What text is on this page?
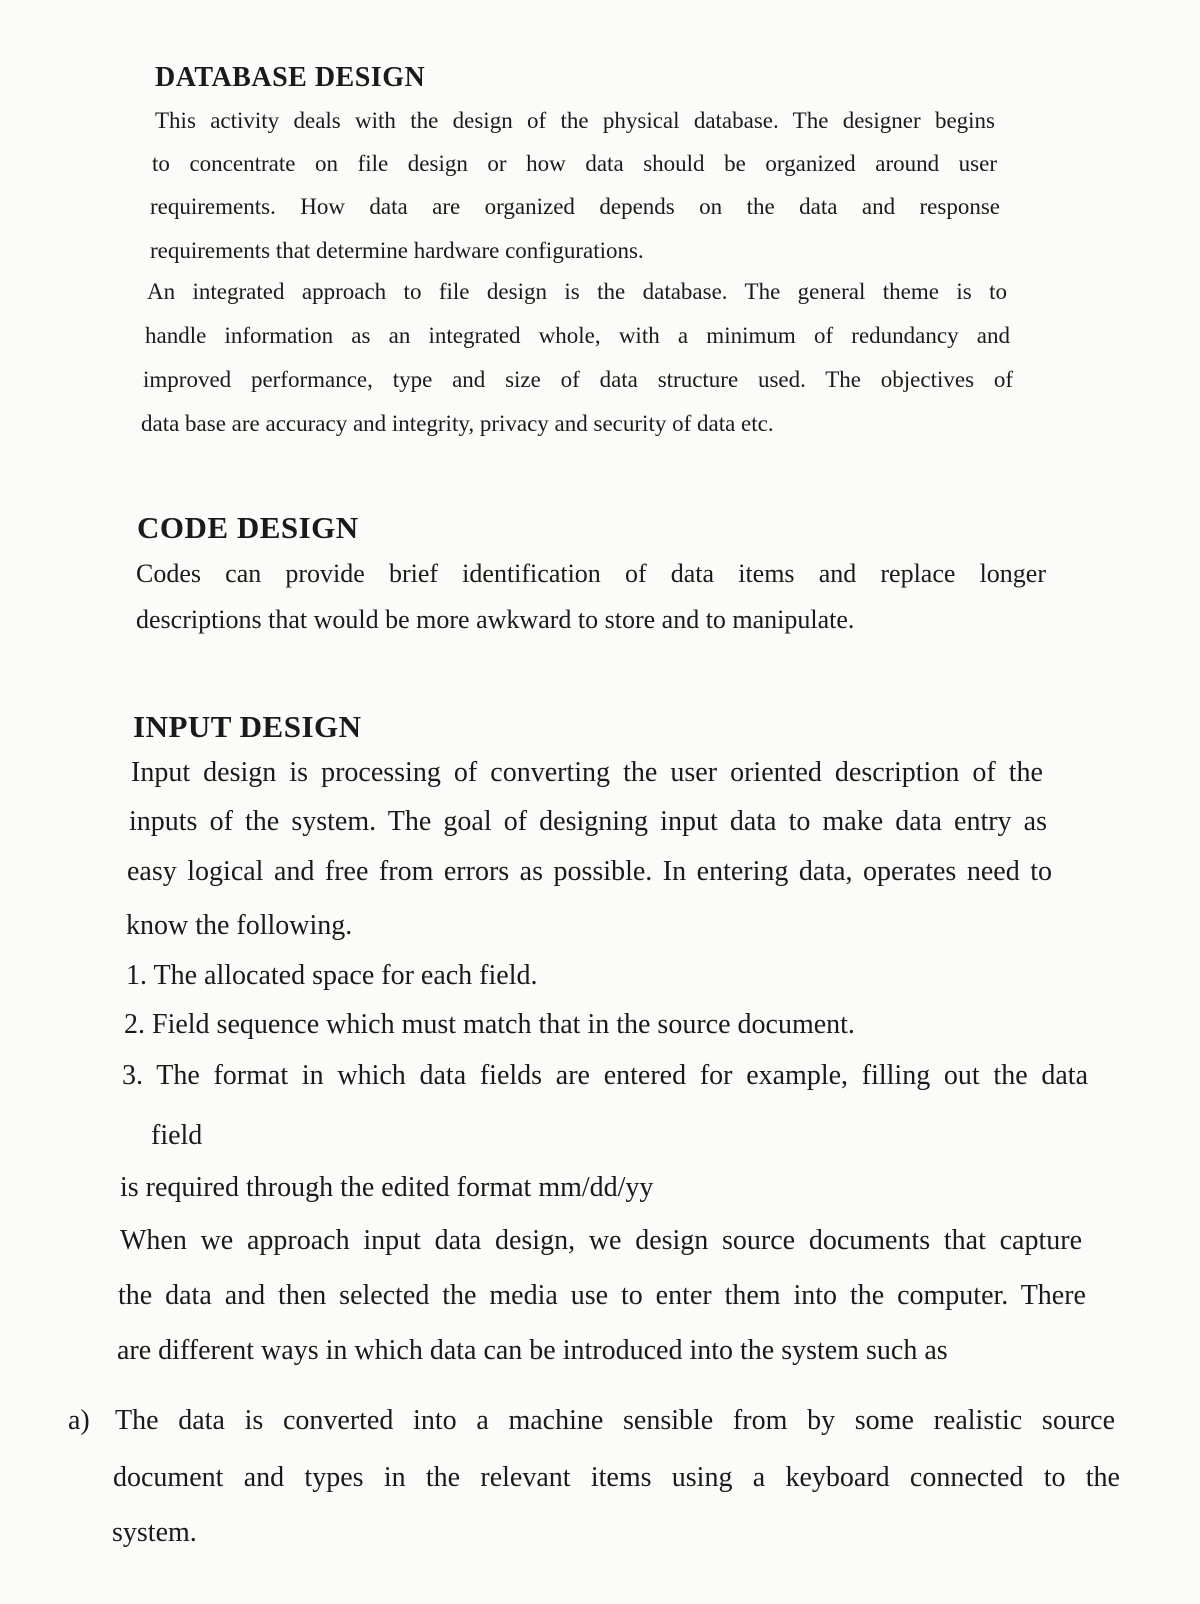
DATABASE DESIGN

This activity deals with the design of the physical database. The designer begins

to concentrate on file design or how data should be organized around user

requirements. How data are organized depends on the data and response

requirements that determine hardware configurations.

An integrated approach to file design is the database. The general theme is to

handle information as an integrated whole, with a minimum of redundancy and

improved performance, type and size of data structure used. The objectives of

data base are accuracy and integrity, privacy and security of data etc.

CODE DESIGN

Codes can provide brief identification of data items and replace longer

descriptions that would be more awkward to store and to manipulate.

INPUT DESIGN

Input design is processing of converting the user oriented description of the

inputs of the system. The goal of designing input data to make data entry as

easy logical and free from errors as possible. In entering data, operates need to

know the following.

1. The allocated space for each field.

2. Field sequence which must match that in the source document.

3. The format in which data fields are entered for example, filling out the data

field

is required through the edited format mm/dd/yy

When we approach input data design, we design source documents that capture

the data and then selected the media use to enter them into the computer. There

are different ways in which data can be introduced into the system such as

a) The data is converted into a machine sensible from by some realistic source

document and types in the relevant items using a keyboard connected to the

system.
